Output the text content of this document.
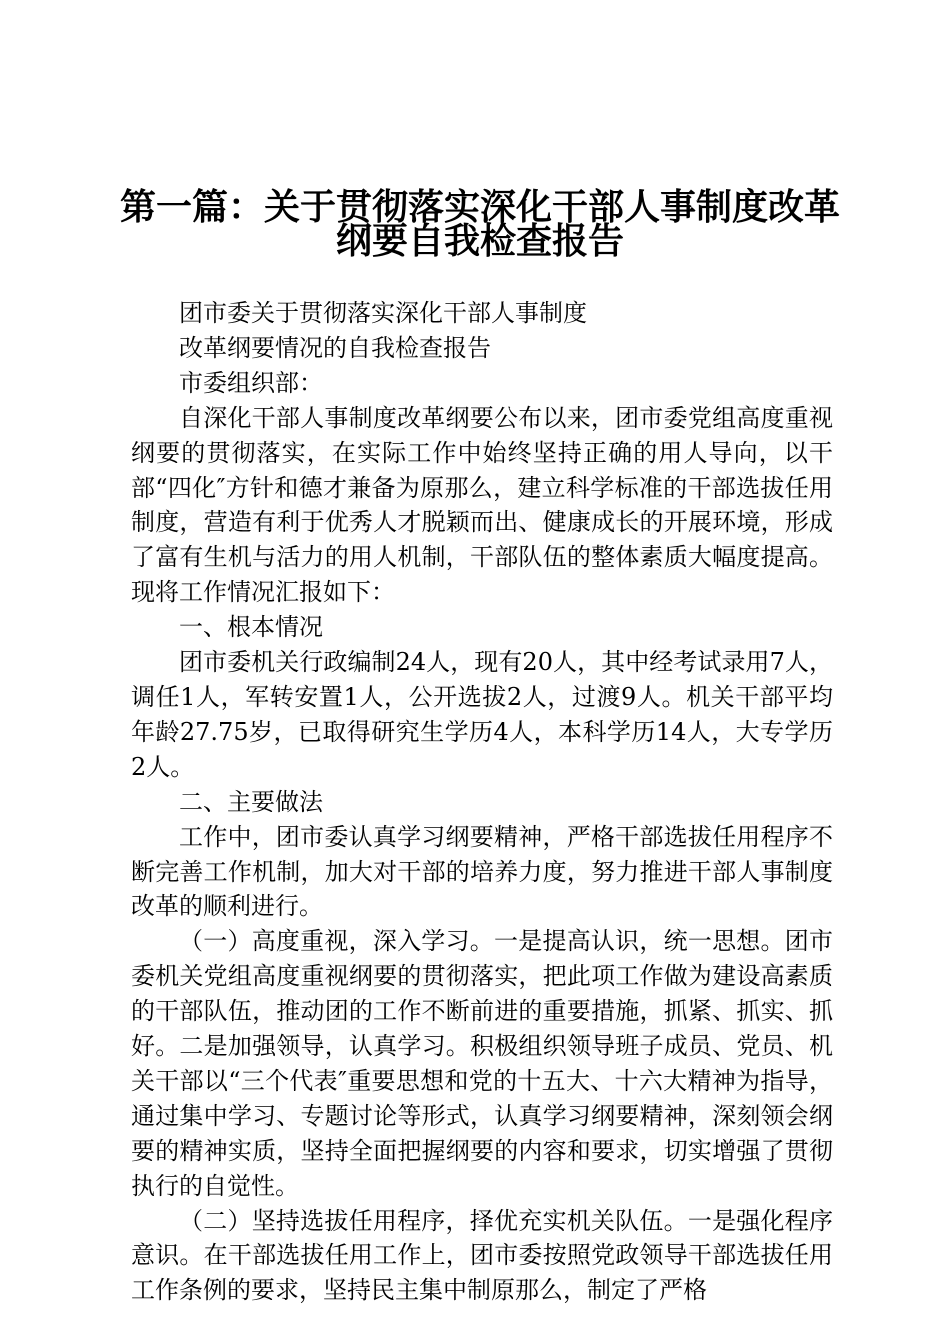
第一篇：关于贯彻落实深化干部人事制度改革
纲要自我检查报告

团市委关于贯彻落实深化干部人事制度

改革纲要情况的自我检查报告

市委组织部：

自深化干部人事制度改革纲要公布以来，团市委党组高度重视纲要的贯彻落实，在实际工作中始终坚持正确的用人导向，以干部“四化″方针和德才兼备为原那么，建立科学标准的干部选拔任用制度，营造有利于优秀人才脱颖而出、健康成长的开展环境，形成了富有生机与活力的用人机制，干部队伍的整体素质大幅度提高。现将工作情况汇报如下：

一、根本情况

团市委机关行政编制24人，现有20人，其中经考试录用7人，调任1人，军转安置1人，公开选拔2人，过渡9人。机关干部平均年龄27.75岁，已取得研究生学历4人，本科学历14人，大专学历2人。

二、主要做法

工作中，团市委认真学习纲要精神，严格干部选拔任用程序不断完善工作机制，加大对干部的培养力度，努力推进干部人事制度改革的顺利进行。

（一）高度重视，深入学习。一是提高认识，统一思想。团市委机关党组高度重视纲要的贯彻落实，把此项工作做为建设高素质的干部队伍，推动团的工作不断前进的重要措施，抓紧、抓实、抓好。二是加强领导，认真学习。积极组织领导班子成员、党员、机关干部以“三个代表″重要思想和党的十五大、十六大精神为指导，通过集中学习、专题讨论等形式，认真学习纲要精神，深刻领会纲要的精神实质，坚持全面把握纲要的内容和要求，切实增强了贯彻执行的自觉性。

（二）坚持选拔任用程序，择优充实机关队伍。一是强化程序意识。在干部选拔任用工作上，团市委按照党政领导干部选拔任用工作条例的要求，坚持民主集中制原那么，制定了严格
